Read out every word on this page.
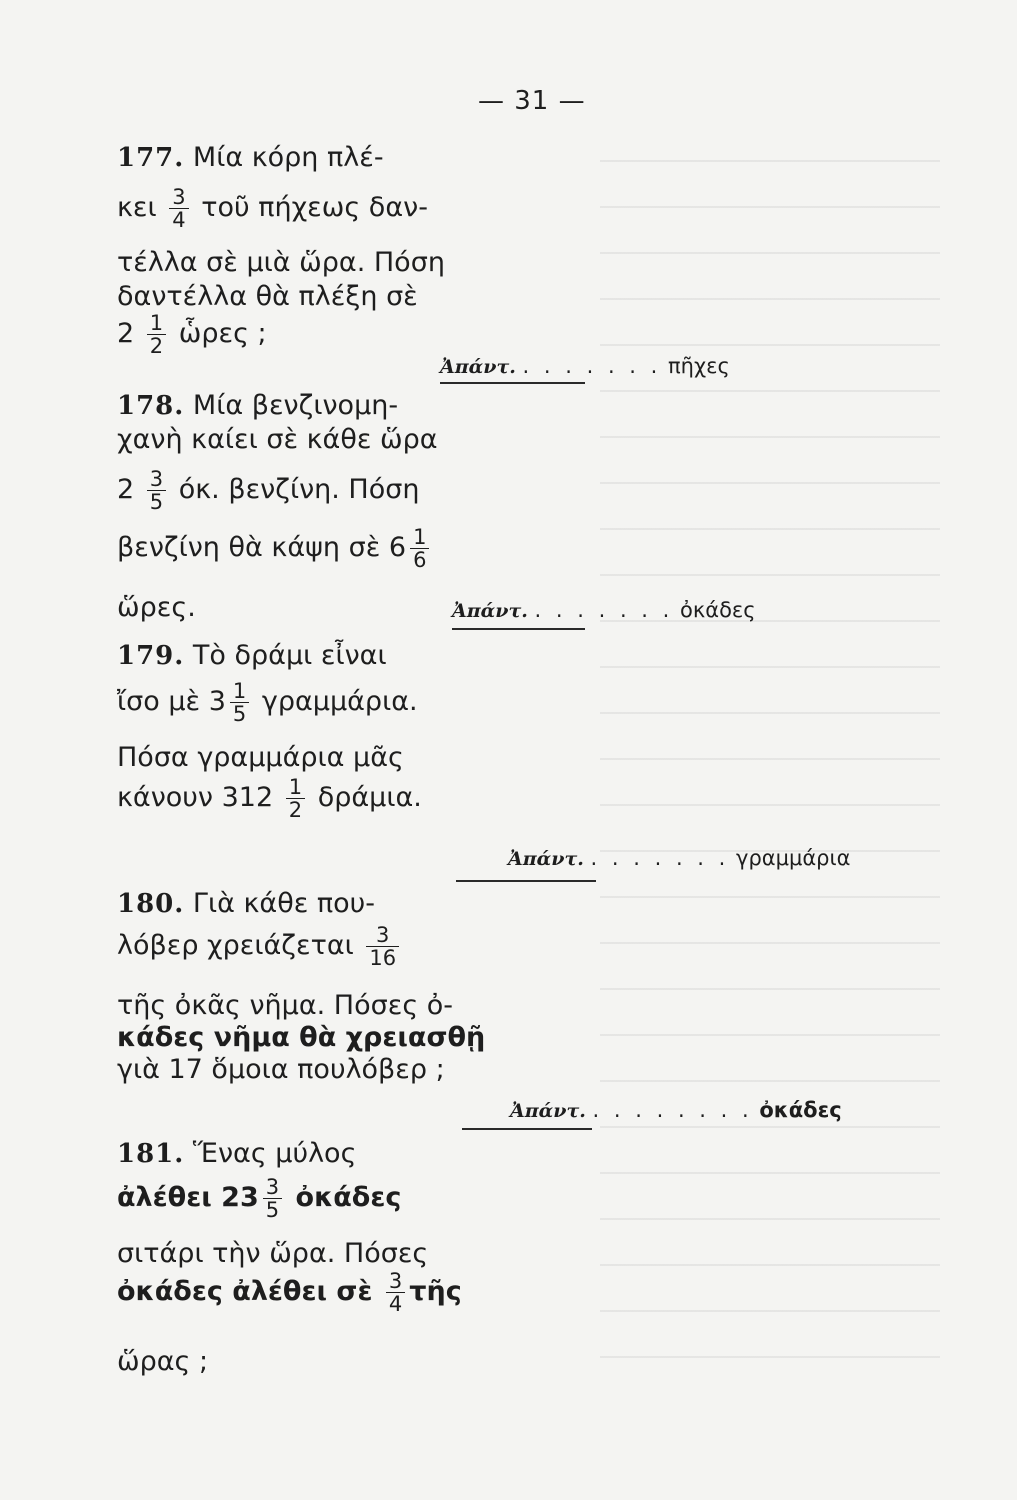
— 31 —
177. Μία κόρη πλέ-
κει $\frac{3}{4}$ τοῦ πήχεως δαν-
τέλλα σὲ μιὰ ὥρα. Πόση
δαντέλλα θὰ πλέξη σὲ
$2 \frac{1}{2}$ ὧρες ;
Ἀπάντ. . . . . . . . πῆχες
178. Μία βενζινομη-
χανὴ καίει σὲ κάθε ὥρα
$2 \frac{3}{5} ό\kappa$. βενζίνη. Πόση
βενζίνη θὰ κάψη σὲ $6 \frac{1}{6}$
ὥρες.	Ἀπάντ. . . . . . . . ὀκάδες
179. Τὸ δράμι εἶναι
ἴσο μὲ $3 \frac{1}{5} \gamma\rho\alpha\mu\mu ά\rho\iota\alpha$.
Πόσα γραμμάρια μᾶς
κάνουν $312 \frac{1}{2} \delta\rho ά\mu\iota\alpha$.
Ἀπάντ. . . . . . . . γραμμάρια
180. Γιὰ κάθε που-
λόβερ χρειάζεται $\frac{3}{16}$
τῆς ὀκᾶς νῆμα. Πόσες ὀ-
κάδες νῆμα θὰ χρειασθῇ
γιὰ 17 ὅμοια πουλόβερ ;
Ἀπάντ. . . . . . . . . ὀκάδες
181. Ἕνας μύλος
ἀλέθει $23 \frac{3}{5}$ ὀκάδες
σιτάρι τὴν ὥρα. Πόσες
ὀκάδες ἀλέθει σὲ $\frac{3}{4}$ τῆς
ὥρας ;
